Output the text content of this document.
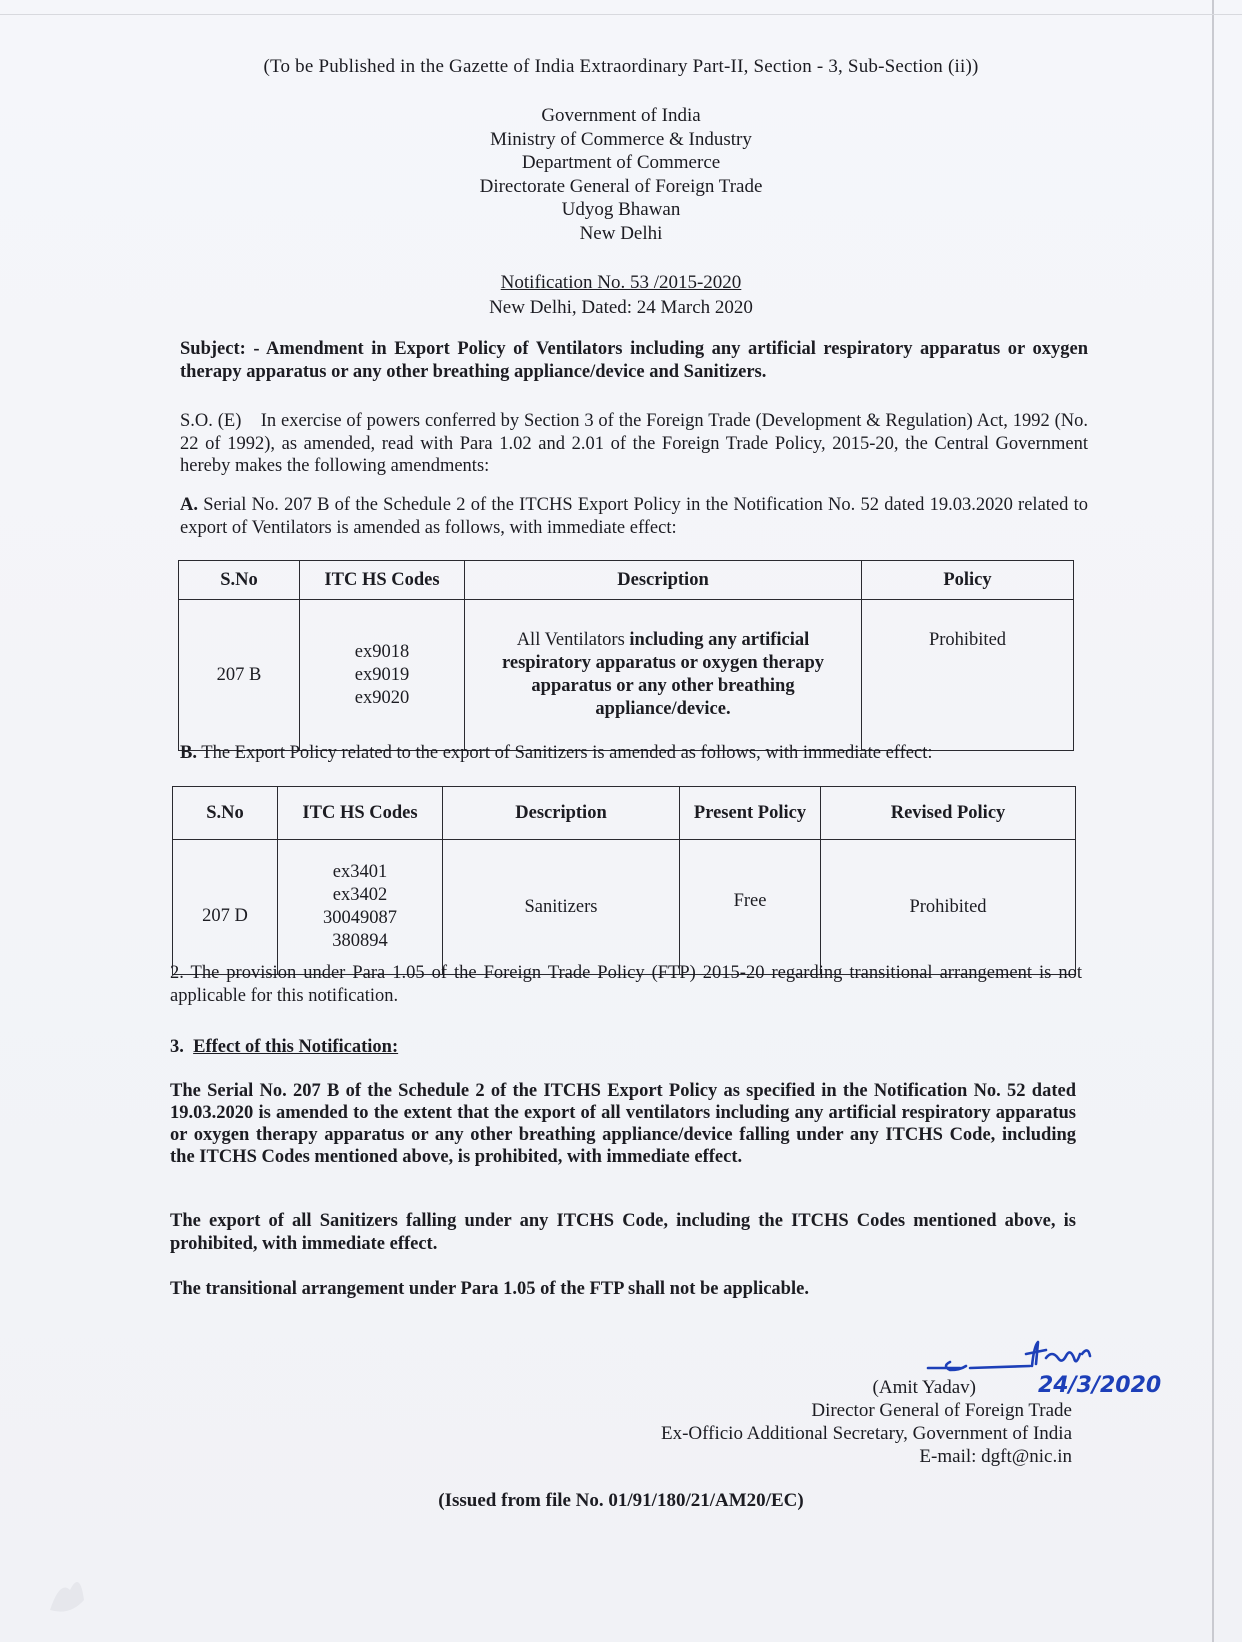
(To be Published in the Gazette of India Extraordinary Part-II, Section - 3, Sub-Section (ii))
Government of India
Ministry of Commerce & Industry
Department of Commerce
Directorate General of Foreign Trade
Udyog Bhawan
New Delhi
Notification No. 53 /2015-2020
New Delhi, Dated: 24 March 2020
Subject: - Amendment in Export Policy of Ventilators including any artificial respiratory apparatus or oxygen therapy apparatus or any other breathing appliance/device and Sanitizers.
S.O. (E)    In exercise of powers conferred by Section 3 of the Foreign Trade (Development & Regulation) Act, 1992 (No. 22 of 1992), as amended, read with Para 1.02 and 2.01 of the Foreign Trade Policy, 2015-20, the Central Government hereby makes the following amendments:
A. Serial No. 207 B of the Schedule 2 of the ITCHS Export Policy in the Notification No. 52 dated 19.03.2020 related to export of Ventilators is amended as follows, with immediate effect:
S.No	ITC HS Codes	Description	Policy
207 B	ex9018
ex9019
ex9020	All Ventilators including any artificial respiratory apparatus or oxygen therapy apparatus or any other breathing appliance/device.	Prohibited
B. The Export Policy related to the export of Sanitizers is amended as follows, with immediate effect:
S.No	ITC HS Codes	Description	Present Policy	Revised Policy
207 D	ex3401
ex3402
30049087
380894	Sanitizers	Free	Prohibited
2. The provision under Para 1.05 of the Foreign Trade Policy (FTP) 2015-20 regarding transitional arrangement is not applicable for this notification.
3. Effect of this Notification:
The Serial No. 207 B of the Schedule 2 of the ITCHS Export Policy as specified in the Notification No. 52 dated 19.03.2020 is amended to the extent that the export of all ventilators including any artificial respiratory apparatus or oxygen therapy apparatus or any other breathing appliance/device falling under any ITCHS Code, including the ITCHS Codes mentioned above, is prohibited, with immediate effect.
The export of all Sanitizers falling under any ITCHS Code, including the ITCHS Codes mentioned above, is prohibited, with immediate effect.
The transitional arrangement under Para 1.05 of the FTP shall not be applicable.
24/3/2020
(Amit Yadav)
Director General of Foreign Trade
Ex-Officio Additional Secretary, Government of India
E-mail: dgft@nic.in
(Issued from file No. 01/91/180/21/AM20/EC)
